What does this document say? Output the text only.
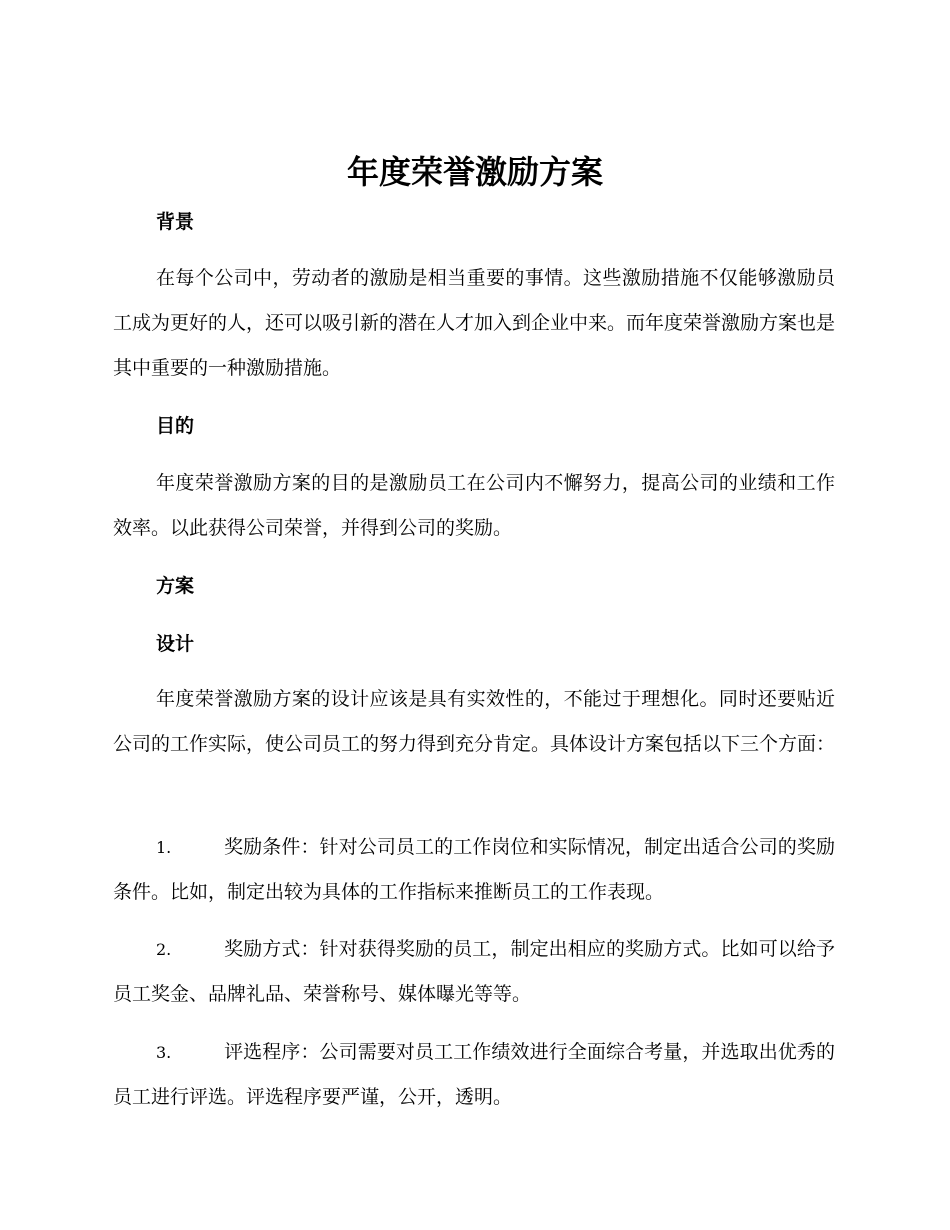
年度荣誉激励方案
背景

在每个公司中，劳动者的激励是相当重要的事情。这些激励措施不仅能够激励员工成为更好的人，还可以吸引新的潜在人才加入到企业中来。而年度荣誉激励方案也是其中重要的一种激励措施。

目的

年度荣誉激励方案的目的是激励员工在公司内不懈努力，提高公司的业绩和工作效率。以此获得公司荣誉，并得到公司的奖励。

方案
设计

年度荣誉激励方案的设计应该是具有实效性的，不能过于理想化。同时还要贴近公司的工作实际，使公司员工的努力得到充分肯定。具体设计方案包括以下三个方面：

1.	奖励条件：针对公司员工的工作岗位和实际情况，制定出适合公司的奖励条件。比如，制定出较为具体的工作指标来推断员工的工作表现。

2.	奖励方式：针对获得奖励的员工，制定出相应的奖励方式。比如可以给予员工奖金、品牌礼品、荣誉称号、媒体曝光等等。

3.	评选程序：公司需要对员工工作绩效进行全面综合考量，并选取出优秀的员工进行评选。评选程序要严谨，公开，透明。
